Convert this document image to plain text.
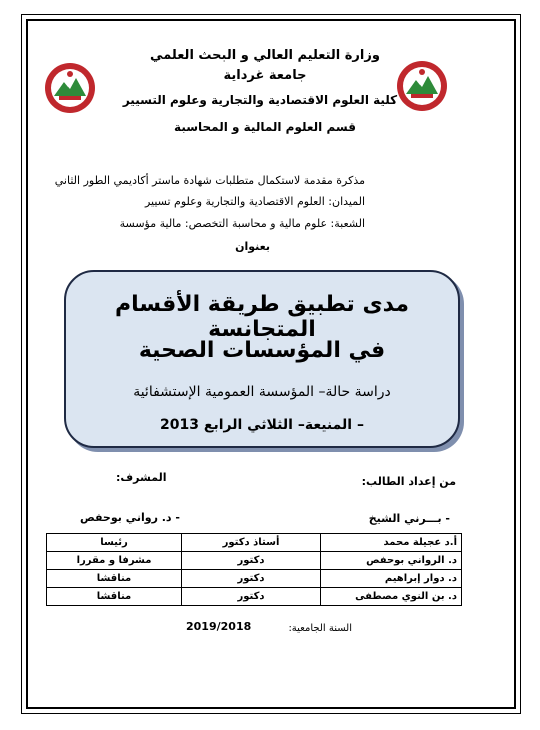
وزارة التعليم العالي و البحث العلمي
جامعة غرداية
كلية العلوم الاقتصادية والتجارية وعلوم التسيير
قسم العلوم المالية و المحاسبة
مذكرة مقدمة لاستكمال متطلبات شهادة ماستر أكاديمي الطور الثاني
الميدان: العلوم الاقتصادية والتجارية وعلوم تسيير
الشعبة: علوم مالية و محاسبة التخصص: مالية مؤسسة
بعنوان
مدى تطبيق طريقة الأقسام المتجانسة
في المؤسسات الصحية
دراسة حالة– المؤسسة العمومية الإستشفائية
– المنيعة– الثلاثي الرابع 2013
من إعداد الطالب:
المشرف:
- بـــرني الشيخ
- د. رواني بوحفص
أ.د عجيلة محمد	أستاذ دكتور	رئيسا
د. الرواني بوحفص	دكتور	مشرفا و مقررا
د. دوار إبراهيم	دكتور	مناقشا
د. بن النوي مصطفى	دكتور	مناقشا
السنة الجامعية:
2019/2018
